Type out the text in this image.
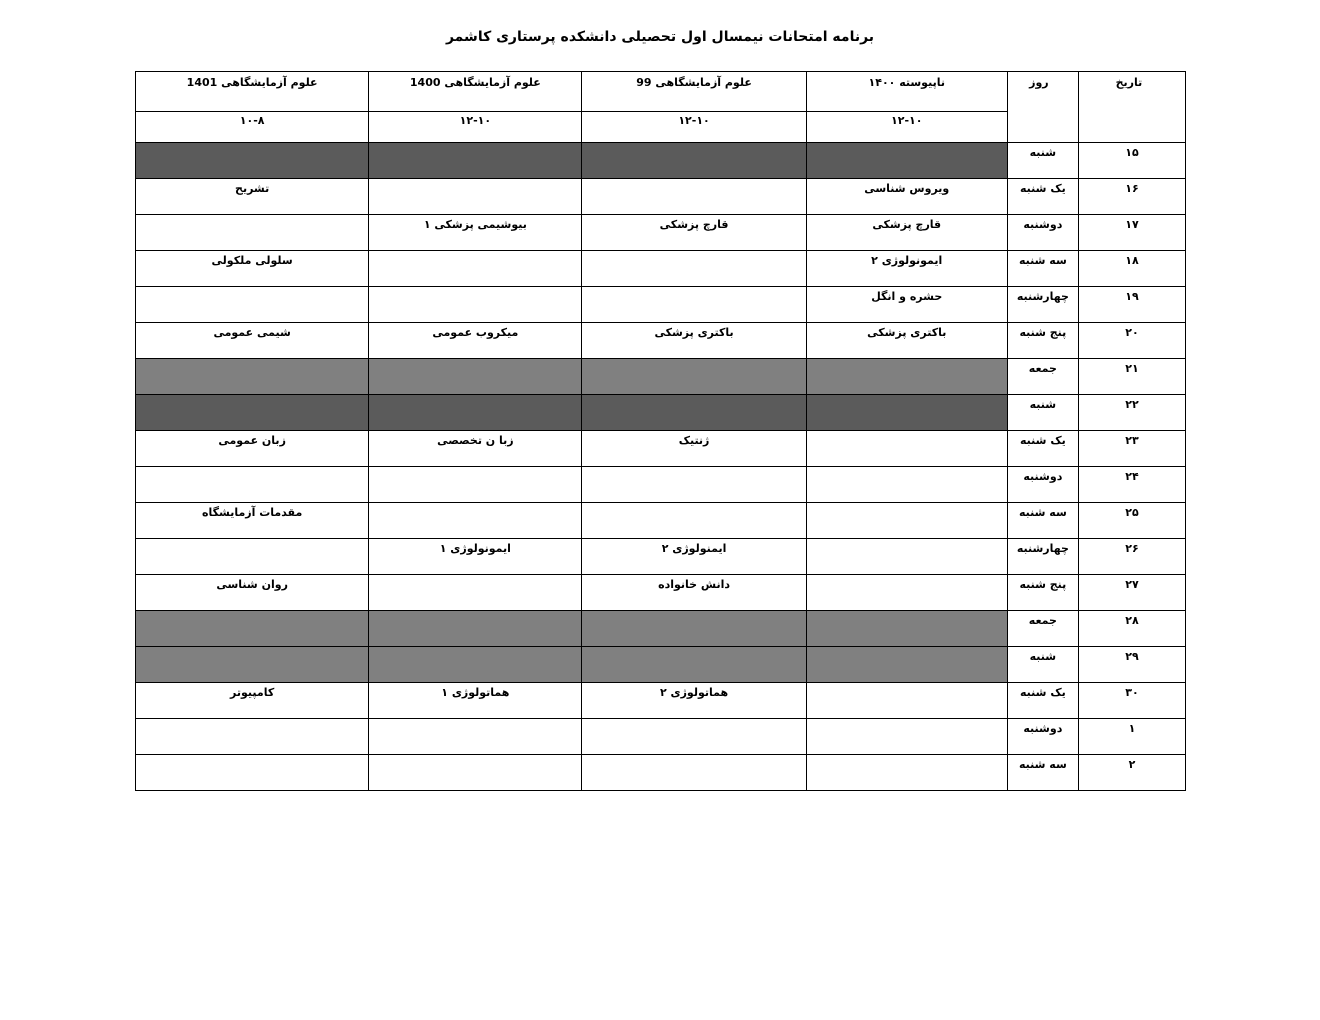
برنامه امتحانات نیمسال اول تحصیلی دانشکده پرستاری کاشمر
تاریخ	روز	ناپیوسته ۱۴۰۰	علوم آزمایشگاهی 99	علوم آزمایشگاهی 1400	علوم آزمایشگاهی 1401
		۱۲-۱۰	۱۲-۱۰	۱۲-۱۰	۱۰-۸
۱۵	شنبه				
۱۶	یک شنبه	ویروس شناسی			تشریح
۱۷	دوشنبه	قارچ پزشکی	قارچ پزشکی	بیوشیمی پزشکی ۱	
۱۸	سه شنبه	ایمونولوژی ۲			سلولی ملکولی
۱۹	چهارشنبه	حشره و انگل			
۲۰	پنج شنبه	باکتری پزشکی	باکتری پزشکی	میکروب عمومی	شیمی عمومی
۲۱	جمعه				
۲۲	شنبه				
۲۳	یک شنبه		ژنتیک	زبا ن تخصصی	زبان عمومی
۲۴	دوشنبه				
۲۵	سه شنبه				مقدمات آزمایشگاه
۲۶	چهارشنبه		ایمنولوژی ۲	ایمونولوژی ۱	
۲۷	پنج شنبه		دانش خانواده		روان شناسی
۲۸	جمعه				
۲۹	شنبه				
۳۰	یک شنبه		هماتولوژی ۲	هماتولوژی ۱	کامپیوتر
۱	دوشنبه				
۲	سه شنبه				
